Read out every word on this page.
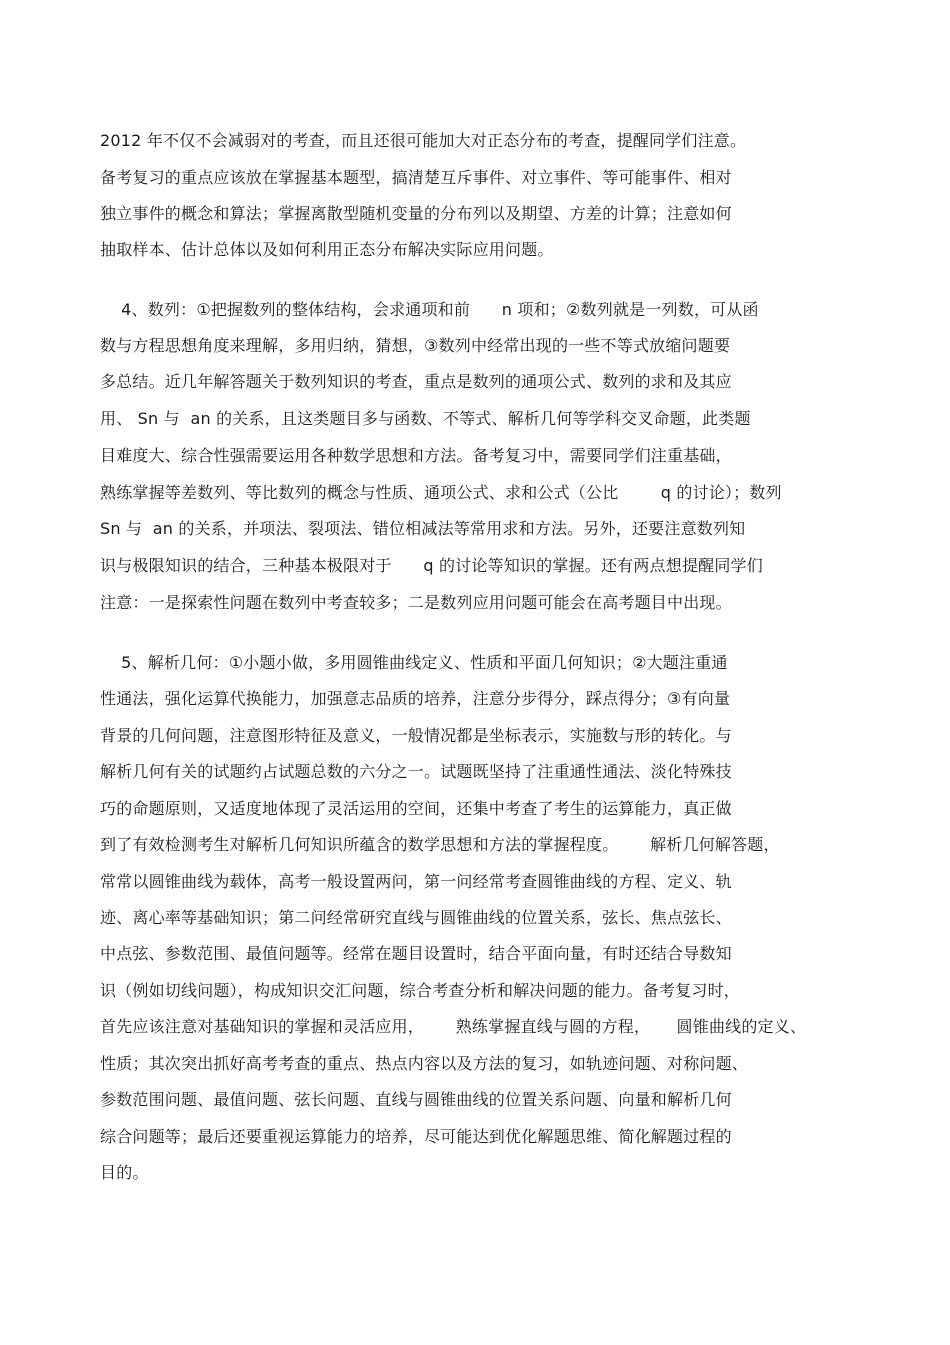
2012 年不仅不会减弱对的考查，而且还很可能加大对正态分布的考查，提醒同学们注意。
备考复习的重点应该放在掌握基本题型，搞清楚互斥事件、对立事件、等可能事件、相对
独立事件的概念和算法；掌握离散型随机变量的分布列以及期望、方差的计算；注意如何
抽取样本、估计总体以及如何利用正态分布解决实际应用问题。
4、数列：①把握数列的整体结构，会求通项和前      n 项和；②数列就是一列数，可从函
数与方程思想角度来理解，多用归纳，猜想，③数列中经常出现的一些不等式放缩问题要
多总结。近几年解答题关于数列知识的考查，重点是数列的通项公式、数列的求和及其应
用、 Sn 与  an 的关系，且这类题目多与函数、不等式、解析几何等学科交叉命题，此类题
目难度大、综合性强需要运用各种数学思想和方法。备考复习中，需要同学们注重基础，
熟练掌握等差数列、等比数列的概念与性质、通项公式、求和公式（公比        q 的讨论）；数列
Sn 与  an 的关系，并项法、裂项法、错位相减法等常用求和方法。另外，还要注意数列知
识与极限知识的结合，三种基本极限对于      q 的讨论等知识的掌握。还有两点想提醒同学们
注意：一是探索性问题在数列中考查较多；二是数列应用问题可能会在高考题目中出现。
5、解析几何：①小题小做，多用圆锥曲线定义、性质和平面几何知识；②大题注重通
性通法，强化运算代换能力，加强意志品质的培养，注意分步得分，踩点得分；③有向量
背景的几何问题，注意图形特征及意义，一般情况都是坐标表示，实施数与形的转化。与
解析几何有关的试题约占试题总数的六分之一。试题既坚持了注重通性通法、淡化特殊技
巧的命题原则，又适度地体现了灵活运用的空间，还集中考查了考生的运算能力，真正做
到了有效检测考生对解析几何知识所蕴含的数学思想和方法的掌握程度。      解析几何解答题，
常常以圆锥曲线为载体，高考一般设置两问，第一问经常考查圆锥曲线的方程、定义、轨
迹、离心率等基础知识；第二问经常研究直线与圆锥曲线的位置关系，弦长、焦点弦长、
中点弦、参数范围、最值问题等。经常在题目设置时，结合平面向量，有时还结合导数知
识（例如切线问题），构成知识交汇问题，综合考查分析和解决问题的能力。备考复习时，
首先应该注意对基础知识的掌握和灵活应用，      熟练掌握直线与圆的方程，     圆锥曲线的定义、
性质；其次突出抓好高考考查的重点、热点内容以及方法的复习，如轨迹问题、对称问题、
参数范围问题、最值问题、弦长问题、直线与圆锥曲线的位置关系问题、向量和解析几何
综合问题等；最后还要重视运算能力的培养，尽可能达到优化解题思维、简化解题过程的
目的。
